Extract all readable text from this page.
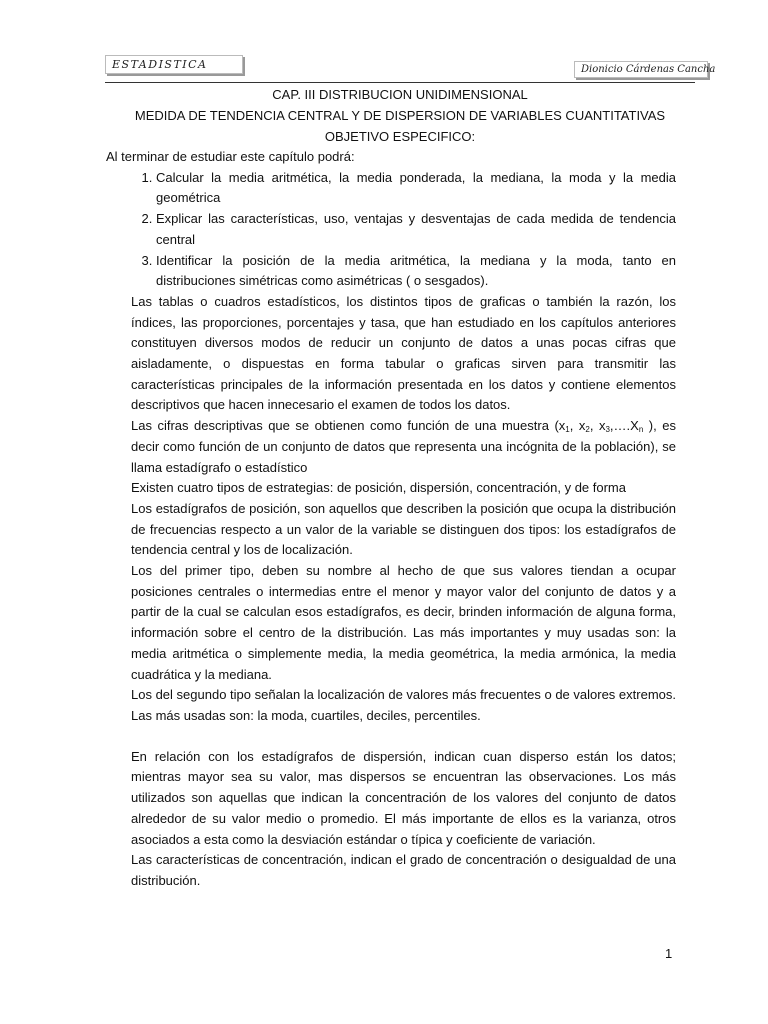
ESTADISTICA	Dionicio Cárdenas Cancha
CAP. III DISTRIBUCION UNIDIMENSIONAL
MEDIDA DE TENDENCIA CENTRAL Y DE DISPERSION DE VARIABLES CUANTITATIVAS
OBJETIVO ESPECIFICO:

Al terminar de estudiar este capítulo podrá:

1. Calcular la media aritmética, la media ponderada, la mediana, la moda y la media geométrica
2. Explicar las características, uso, ventajas y desventajas de cada medida de tendencia central
3. Identificar la posición de la media aritmética, la mediana y la moda, tanto en distribuciones simétricas como asimétricas ( o sesgados).

Las tablas o cuadros estadísticos, los distintos tipos de graficas o también la razón, los índices, las proporciones, porcentajes y tasa, que han estudiado en los capítulos anteriores constituyen diversos modos de reducir un conjunto de datos a unas pocas cifras que aisladamente, o dispuestas en forma tabular o graficas sirven para transmitir las características principales de la información presentada en los datos y contiene elementos descriptivos que hacen innecesario el examen de todos los datos.

Las cifras descriptivas que se obtienen como función de una muestra ($x_1$, $x_2$, $x_3,\dots.X_n$ ), es decir como función de un conjunto de datos que representa una incógnita de la población), se llama estadígrafo o estadístico

Existen cuatro tipos de estrategias: de posición, dispersión, concentración, y de forma

Los estadígrafos de posición, son aquellos que describen la posición que ocupa la distribución de frecuencias respecto a un valor de la variable se distinguen dos tipos: los estadígrafos de tendencia central y los de localización.

Los del primer tipo, deben su nombre al hecho de que sus valores tiendan a ocupar posiciones centrales o intermedias entre el menor y mayor valor del conjunto de datos y a partir de la cual se calculan esos estadígrafos, es decir, brinden información de alguna forma, información sobre el centro de la distribución. Las más importantes y muy usadas son: la media aritmética o simplemente media, la media geométrica, la media armónica, la media cuadrática y la mediana.

Los del segundo tipo señalan la localización de valores más frecuentes o de valores extremos. Las más usadas son: la moda, cuartiles, deciles, percentiles.

En relación con los estadígrafos de dispersión, indican cuan disperso están los datos; mientras mayor sea su valor, mas dispersos se encuentran las observaciones. Los más utilizados son aquellas que indican la concentración de los valores del conjunto de datos alrededor de su valor medio o promedio. El más importante de ellos es la varianza, otros asociados a esta como la desviación estándar o típica y coeficiente de variación.

Las características de concentración, indican el grado de concentración o desigualdad de una distribución.

1
